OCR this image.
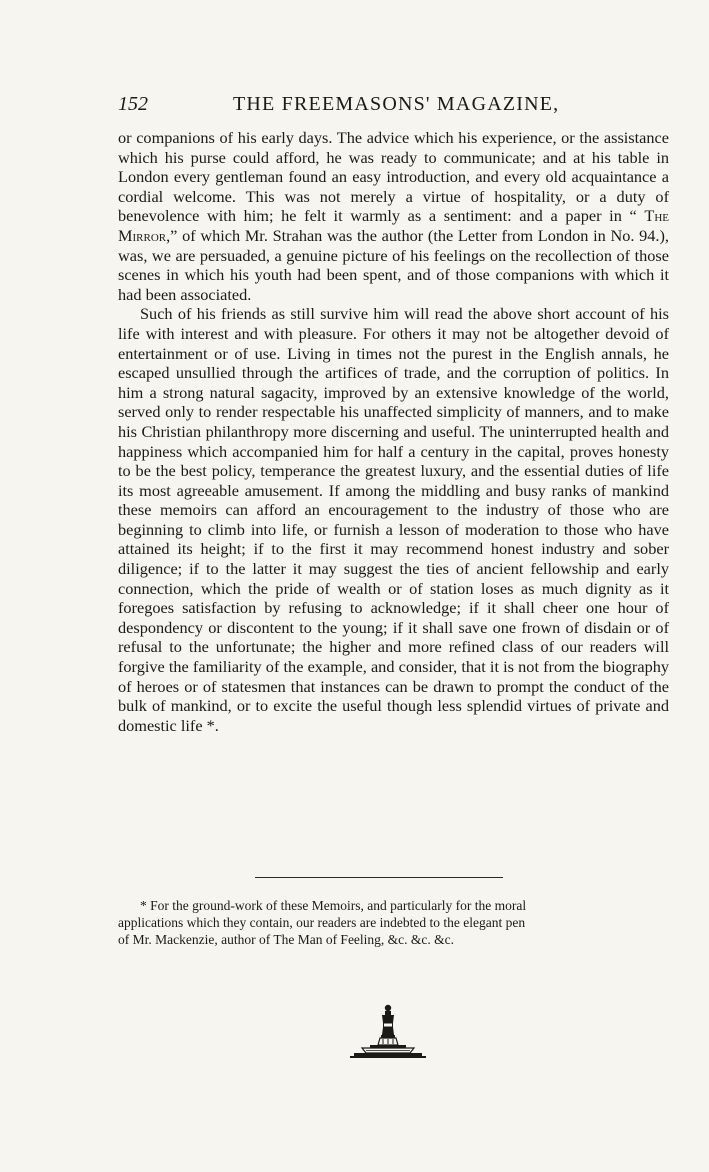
152	THE FREEMASONS' MAGAZINE,

or companions of his early days. The advice which his experience, or the assistance which his purse could afford, he was ready to communicate; and at his table in London every gentleman found an easy introduction, and every old acquaintance a cordial welcome. This was not merely a virtue of hospitality, or a duty of benevolence with him; he felt it warmly as a sentiment: and a paper in “ The Mirror,” of which Mr. Strahan was the author (the Letter from London in No. 94.), was, we are persuaded, a genuine picture of his feelings on the recollection of those scenes in which his youth had been spent, and of those companions with which it had been associated.

Such of his friends as still survive him will read the above short account of his life with interest and with pleasure. For others it may not be altogether devoid of entertainment or of use. Living in times not the purest in the English annals, he escaped unsullied through the artifices of trade, and the corruption of politics. In him a strong natural sagacity, improved by an extensive knowledge of the world, served only to render respectable his unaffected simplicity of manners, and to make his Christian philanthropy more discerning and useful. The uninterrupted health and happiness which accompanied him for half a century in the capital, proves honesty to be the best policy, temperance the greatest luxury, and the essential duties of life its most agreeable amusement. If among the middling and busy ranks of mankind these memoirs can afford an encouragement to the industry of those who are beginning to climb into life, or furnish a lesson of moderation to those who have attained its height; if to the first it may recommend honest industry and sober diligence; if to the latter it may suggest the ties of ancient fellowship and early connection, which the pride of wealth or of station loses as much dignity as it foregoes satisfaction by refusing to acknowledge; if it shall cheer one hour of despondency or discontent to the young; if it shall save one frown of disdain or of refusal to the unfortunate; the higher and more refined class of our readers will forgive the familiarity of the example, and consider, that it is not from the biography of heroes or of statesmen that instances can be drawn to prompt the conduct of the bulk of mankind, or to excite the useful though less splendid virtues of private and domestic life *.

* For the ground-work of these Memoirs, and particularly for the moral
applications which they contain, our readers are indebted to the elegant pen
of Mr. Mackenzie, author of The Man of Feeling, &c. &c. &c.
